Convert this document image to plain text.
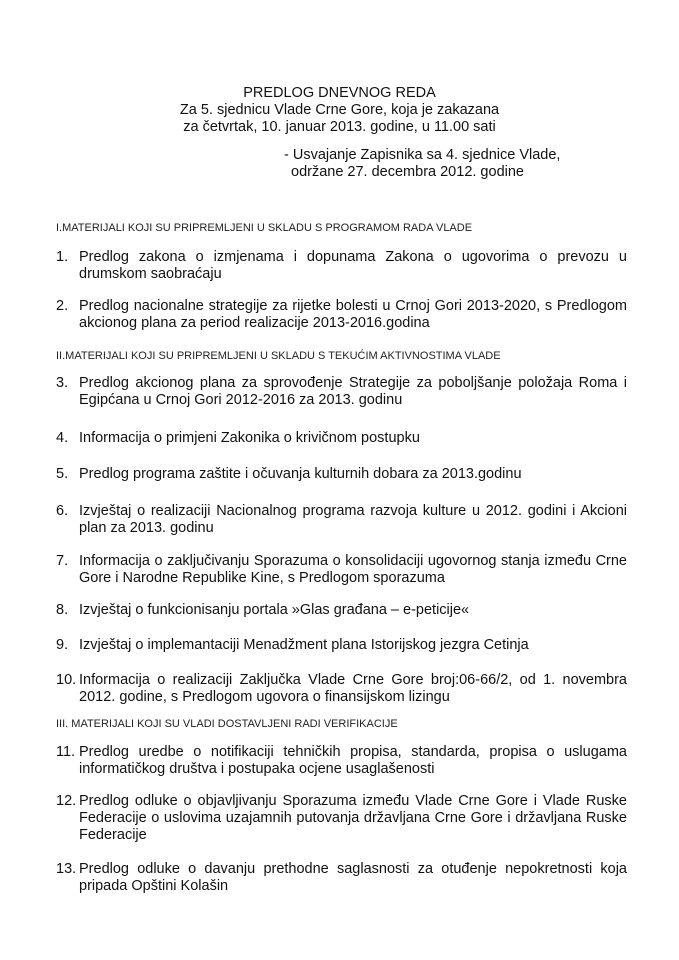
PREDLOG DNEVNOG REDA
Za 5. sjednicu Vlade Crne Gore, koja je zakazana
za četvrtak, 10. januar 2013. godine, u 11.00 sati
- Usvajanje Zapisnika sa 4. sjednice Vlade,
održane 27. decembra 2012. godine
I.MATERIJALI KOJI SU PRIPREMLJENI U SKLADU S PROGRAMOM RADA VLADE
II.MATERIJALI KOJI SU PRIPREMLJENI U SKLADU S TEKUĆIM AKTIVNOSTIMA VLADE
III. MATERIJALI KOJI SU VLADI DOSTAVLJENI RADI VERIFIKACIJE
1. Predlog zakona o izmjenama i dopunama Zakona o ugovorima o prevozu u drumskom saobraćaju
2. Predlog nacionalne strategije za rijetke bolesti u Crnoj Gori 2013-2020, s Predlogom akcionog plana za period realizacije 2013-2016.godina
3. Predlog akcionog plana za sprovođenje Strategije za poboljšanje položaja Roma i Egipćana u Crnoj Gori 2012-2016 za 2013. godinu
4. Informacija o primjeni Zakonika o krivičnom postupku
5. Predlog programa zaštite i očuvanja kulturnih dobara za 2013.godinu
6. Izvještaj o realizaciji Nacionalnog programa razvoja kulture u 2012. godini i Akcioni plan za 2013. godinu
7. Informacija o zaključivanju Sporazuma o konsolidaciji ugovornog stanja između Crne Gore i Narodne Republike Kine, s Predlogom sporazuma
8. Izvještaj o funkcionisanju portala »Glas građana – e-peticije«
9. Izvještaj o implemantaciji Menadžment plana Istorijskog jezgra Cetinja
10. Informacija o realizaciji Zaključka Vlade Crne Gore broj:06-66/2, od 1. novembra 2012. godine, s Predlogom ugovora o finansijskom lizingu
11. Predlog uredbe o notifikaciji tehničkih propisa, standarda, propisa o uslugama informatičkog društva i postupaka ocjene usaglašenosti
12. Predlog odluke o objavljivanju Sporazuma između Vlade Crne Gore i Vlade Ruske Federacije o uslovima uzajamnih putovanja državljana Crne Gore i državljana Ruske Federacije
13. Predlog odluke o davanju prethodne saglasnosti za otuđenje nepokretnosti koja pripada Opštini Kolašin
